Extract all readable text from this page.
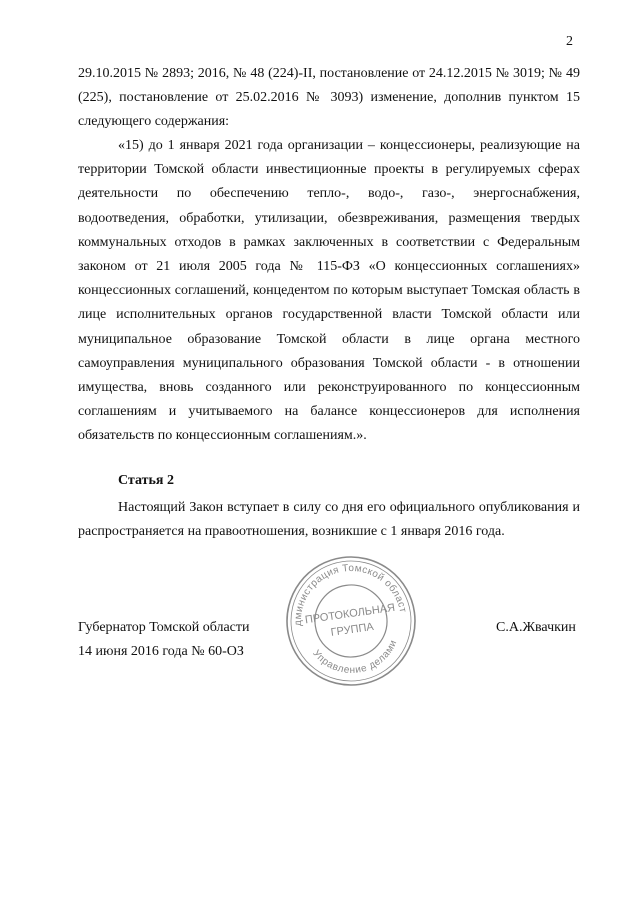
2
29.10.2015 № 2893; 2016, № 48 (224)-II, постановление от 24.12.2015 № 3019; № 49 (225), постановление от 25.02.2016 № 3093) изменение, дополнив пунктом 15 следующего содержания:
«15) до 1 января 2021 года организации – концессионеры, реализующие на территории Томской области инвестиционные проекты в регулируемых сферах деятельности по обеспечению тепло-, водо-, газо-, энергоснабжения, водоотведения, обработки, утилизации, обезвреживания, размещения твердых коммунальных отходов в рамках заключенных в соответствии с Федеральным законом от 21 июля 2005 года № 115-ФЗ «О концессионных соглашениях» концессионных соглашений, концедентом по которым выступает Томская область в лице исполнительных органов государственной власти Томской области или муниципальное образование Томской области в лице органа местного самоуправления муниципального образования Томской области - в отношении имущества, вновь созданного или реконструированного по концессионным соглашениям и учитываемого на балансе концессионеров для исполнения обязательств по концессионным соглашениям.».
Статья 2
Настоящий Закон вступает в силу со дня его официального опубликования и распространяется на правоотношения, возникшие с 1 января 2016 года.
Губернатор Томской области
14 июня 2016 года № 60-ОЗ
С.А.Жвачкин
Администрация Томской области
Управление делами
ПРОТОКОЛЬНАЯ
ГРУППА
